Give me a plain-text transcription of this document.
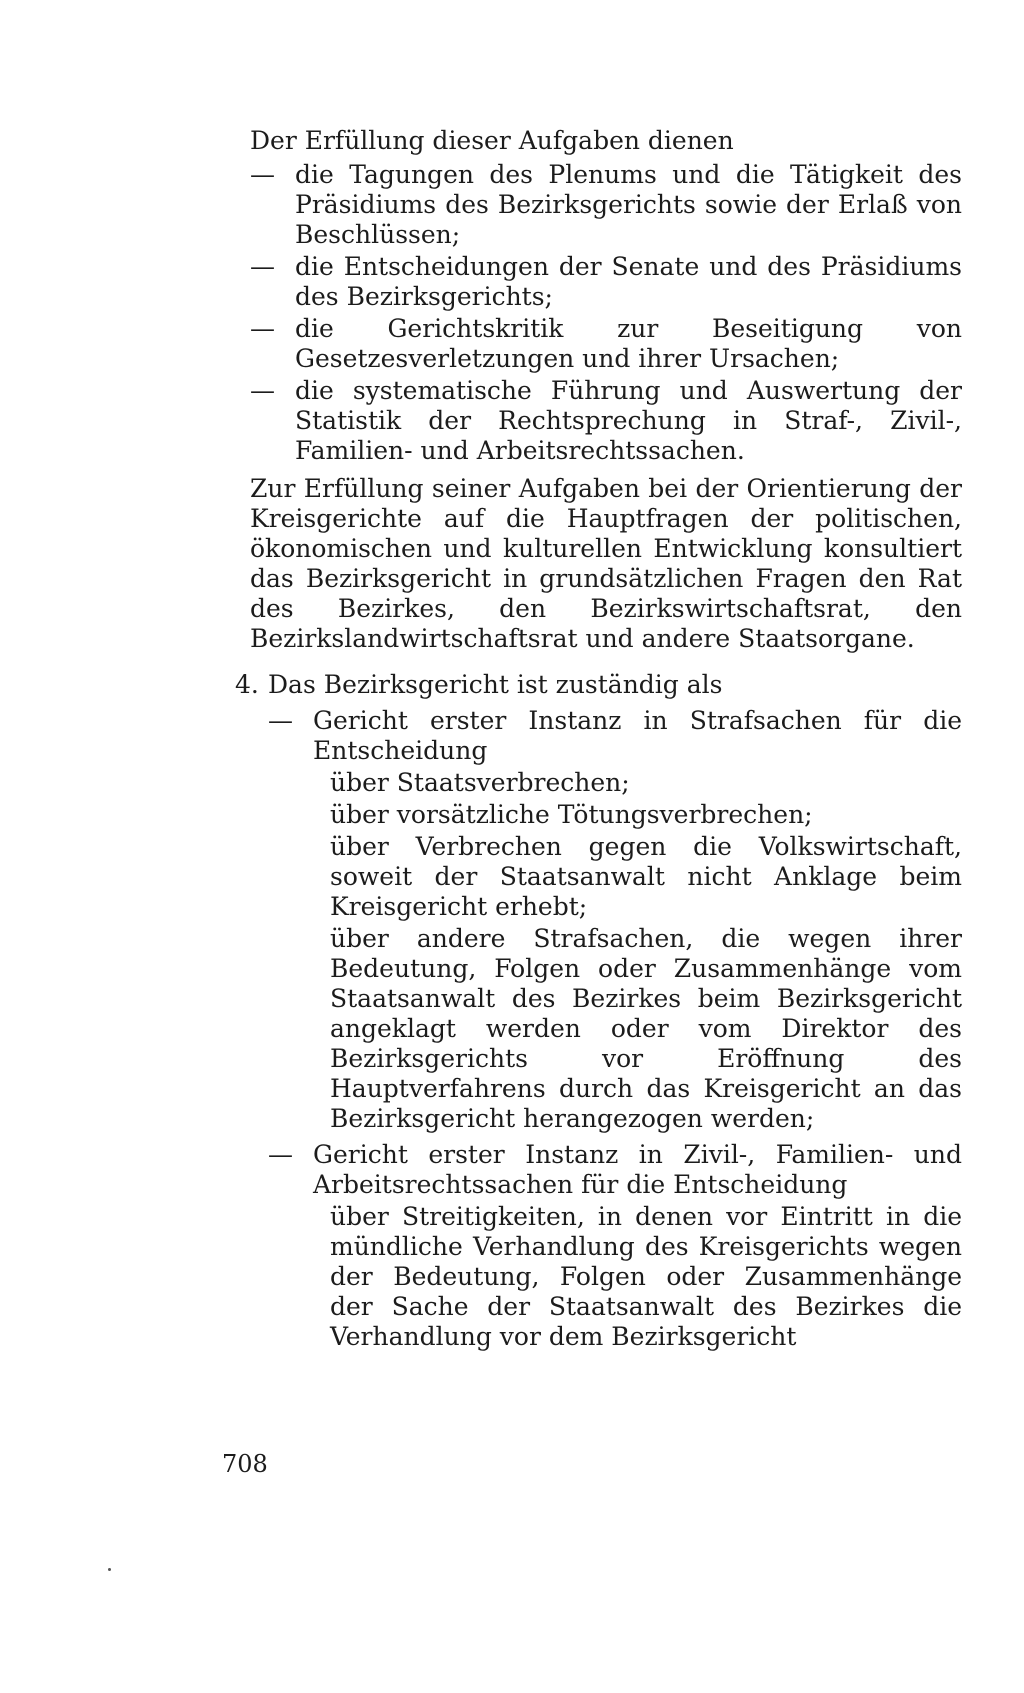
Der Erfüllung dieser Aufgaben dienen
— die Tagungen des Plenums und die Tätigkeit des Präsidiums des Bezirksgerichts sowie der Erlaß von Beschlüssen;
— die Entscheidungen der Senate und des Präsidiums des Bezirksgerichts;
— die Gerichtskritik zur Beseitigung von Gesetzesverletzungen und ihrer Ursachen;
— die systematische Führung und Auswertung der Statistik der Rechtsprechung in Straf-, Zivil-, Familien- und Arbeitsrechtssachen.
Zur Erfüllung seiner Aufgaben bei der Orientierung der Kreisgerichte auf die Hauptfragen der politischen, ökonomischen und kulturellen Entwicklung konsultiert das Bezirksgericht in grundsätzlichen Fragen den Rat des Bezirkes, den Bezirkswirtschaftsrat, den Bezirkslandwirtschaftsrat und andere Staatsorgane.
4. Das Bezirksgericht ist zuständig als
— Gericht erster Instanz in Strafsachen für die Entscheidung
über Staatsverbrechen;
über vorsätzliche Tötungsverbrechen;
über Verbrechen gegen die Volkswirtschaft, soweit der Staatsanwalt nicht Anklage beim Kreisgericht erhebt;
über andere Strafsachen, die wegen ihrer Bedeutung, Folgen oder Zusammenhänge vom Staatsanwalt des Bezirkes beim Bezirksgericht angeklagt werden oder vom Direktor des Bezirksgerichts vor Eröffnung des Hauptverfahrens durch das Kreisgericht an das Bezirksgericht herangezogen werden;
— Gericht erster Instanz in Zivil-, Familien- und Arbeitsrechtssachen für die Entscheidung
über Streitigkeiten, in denen vor Eintritt in die mündliche Verhandlung des Kreisgerichts wegen der Bedeutung, Folgen oder Zusammenhänge der Sache der Staatsanwalt des Bezirkes die Verhandlung vor dem Bezirksgericht
708
